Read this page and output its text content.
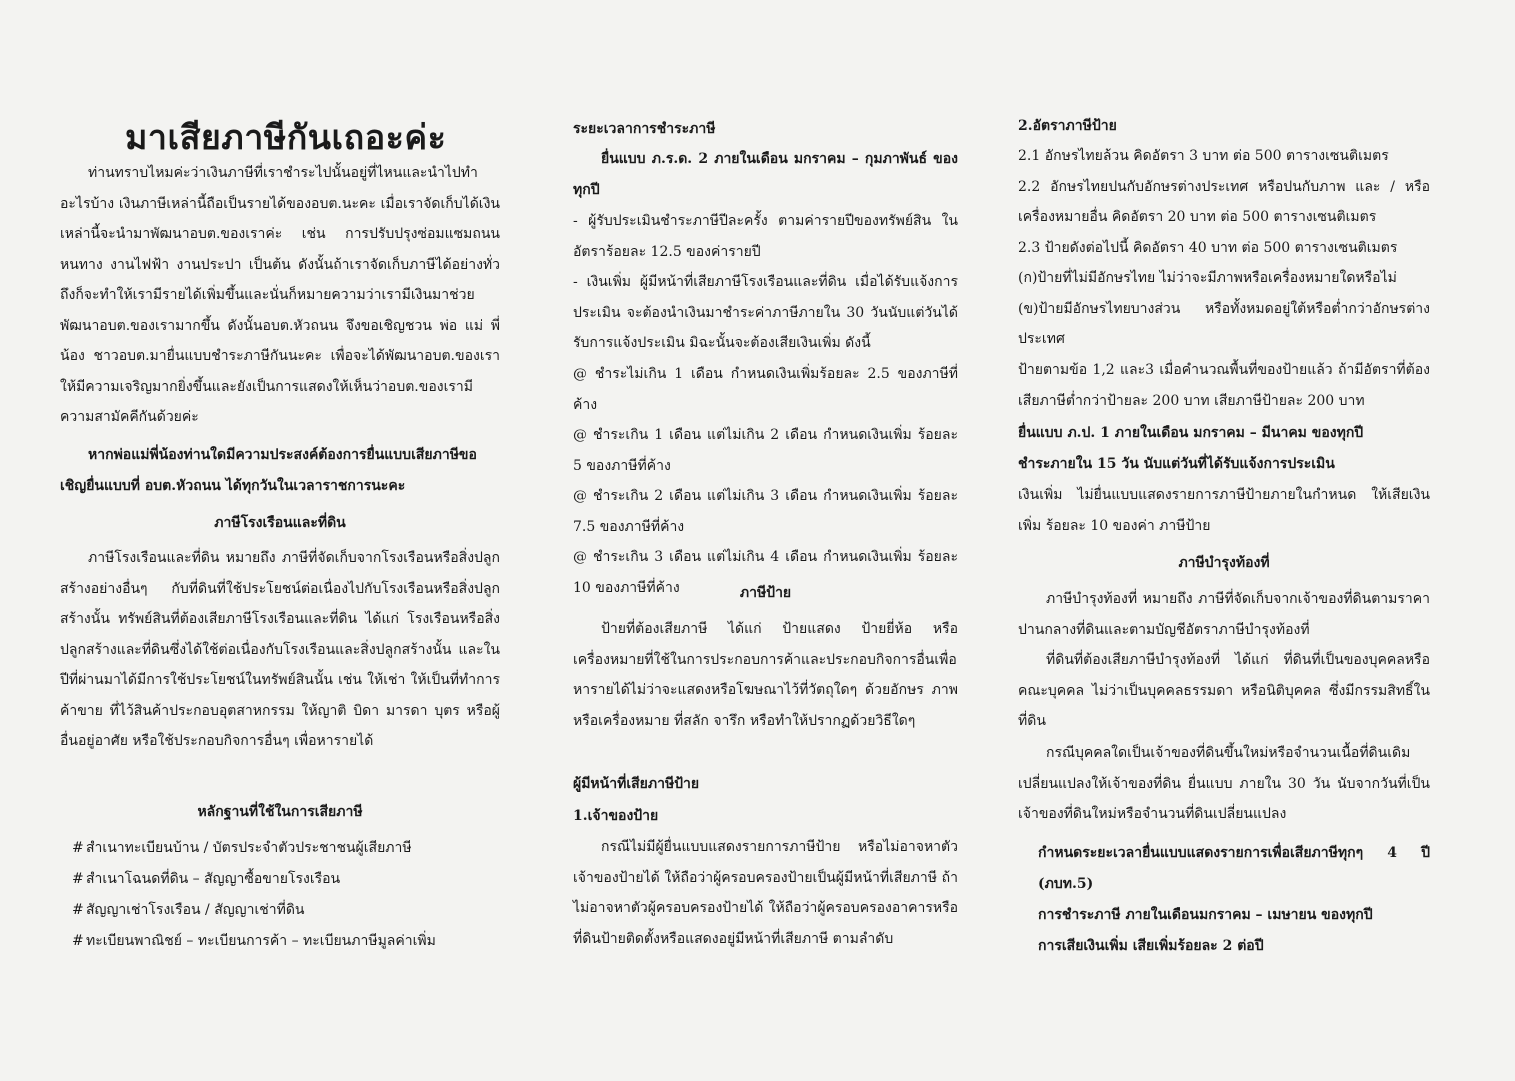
มาเสียภาษีกันเถอะค่ะ

ท่านทราบไหมค่ะว่าเงินภาษีที่เราชำระไปนั้นอยู่ที่ไหนและนำไปทำอะไรบ้าง เงินภาษีเหล่านี้ถือเป็นรายได้ของอบต.นะคะ เมื่อเราจัดเก็บได้เงินเหล่านี้จะนำมาพัฒนาอบต.ของเราค่ะ เช่น การปรับปรุงซ่อมแซมถนนหนทาง งานไฟฟ้า งานประปา เป็นต้น ดังนั้นถ้าเราจัดเก็บภาษีได้อย่างทั่วถึงก็จะทำให้เรามีรายได้เพิ่มขึ้นและนั่นก็หมายความว่าเรามีเงินมาช่วยพัฒนาอบต.ของเรามากขึ้น ดังนั้นอบต.หัวถนน จึงขอเชิญชวน พ่อ แม่ พี่ น้อง ชาวอบต.มายื่นแบบชำระภาษีกันนะคะ เพื่อจะได้พัฒนาอบต.ของเราให้มีความเจริญมากยิ่งขึ้นและยังเป็นการแสดงให้เห็นว่าอบต.ของเรามีความสามัคคีกันด้วยค่ะ

หากพ่อแม่พี่น้องท่านใดมีความประสงค์ต้องการยื่นแบบเสียภาษีขอเชิญยื่นแบบที่ อบต.หัวถนน ได้ทุกวันในเวลาราชการนะคะ

ภาษีโรงเรือนและที่ดิน

ภาษีโรงเรือนและที่ดิน หมายถึง ภาษีที่จัดเก็บจากโรงเรือนหรือสิ่งปลูกสร้างอย่างอื่นๆ กับที่ดินที่ใช้ประโยชน์ต่อเนื่องไปกับโรงเรือนหรือสิ่งปลูกสร้างนั้น ทรัพย์สินที่ต้องเสียภาษีโรงเรือนและที่ดิน ได้แก่ โรงเรือนหรือสิ่งปลูกสร้างและที่ดินซึ่งได้ใช้ต่อเนื่องกับโรงเรือนและสิ่งปลูกสร้างนั้น และในปีที่ผ่านมาได้มีการใช้ประโยชน์ในทรัพย์สินนั้น เช่น ให้เช่า ให้เป็นที่ทำการค้าขาย ที่ไว้สินค้าประกอบอุตสาหกรรม ให้ญาติ บิดา มารดา บุตร หรือผู้อื่นอยู่อาศัย หรือใช้ประกอบกิจการอื่นๆ เพื่อหารายได้

หลักฐานที่ใช้ในการเสียภาษี
# สำเนาทะเบียนบ้าน / บัตรประจำตัวประชาชนผู้เสียภาษี
# สำเนาโฉนดที่ดิน – สัญญาซื้อขายโรงเรือน
# สัญญาเช่าโรงเรือน / สัญญาเช่าที่ดิน
# ทะเบียนพาณิชย์ – ทะเบียนการค้า – ทะเบียนภาษีมูลค่าเพิ่ม
ระยะเวลาการชำระภาษี

ยื่นแบบ ภ.ร.ด. 2 ภายในเดือน มกราคม – กุมภาพันธ์ ของทุกปี

- ผู้รับประเมินชำระภาษีปีละครั้ง ตามค่ารายปีของทรัพย์สิน ในอัตราร้อยละ 12.5 ของค่ารายปี

- เงินเพิ่ม ผู้มีหน้าที่เสียภาษีโรงเรือนและที่ดิน เมื่อได้รับแจ้งการประเมิน จะต้องนำเงินมาชำระค่าภาษีภายใน 30 วันนับแต่วันได้รับการแจ้งประเมิน มิฉะนั้นจะต้องเสียเงินเพิ่ม ดังนี้

@ ชำระไม่เกิน 1 เดือน กำหนดเงินเพิ่มร้อยละ 2.5 ของภาษีที่ค้าง

@ ชำระเกิน 1 เดือน แต่ไม่เกิน 2 เดือน กำหนดเงินเพิ่ม ร้อยละ 5 ของภาษีที่ค้าง

@ ชำระเกิน 2 เดือน แต่ไม่เกิน 3 เดือน กำหนดเงินเพิ่ม ร้อยละ 7.5 ของภาษีที่ค้าง

@ ชำระเกิน 3 เดือน แต่ไม่เกิน 4 เดือน กำหนดเงินเพิ่ม ร้อยละ 10 ของภาษีที่ค้าง	ภาษีป้าย

ป้ายที่ต้องเสียภาษี ได้แก่ ป้ายแสดง ป้ายยี่ห้อ หรือเครื่องหมายที่ใช้ในการประกอบการค้าและประกอบกิจการอื่นเพื่อหารายได้ไม่ว่าจะแสดงหรือโฆษณาไว้ที่วัตถุใดๆ ด้วยอักษร ภาพหรือเครื่องหมาย ที่สลัก จารึก หรือทำให้ปรากฏด้วยวิธีใดๆ

ผู้มีหน้าที่เสียภาษีป้าย
1.เจ้าของป้าย

กรณีไม่มีผู้ยื่นแบบแสดงรายการภาษีป้าย หรือไม่อาจหาตัวเจ้าของป้ายได้ ให้ถือว่าผู้ครอบครองป้ายเป็นผู้มีหน้าที่เสียภาษี ถ้าไม่อาจหาตัวผู้ครอบครองป้ายได้ ให้ถือว่าผู้ครอบครองอาคารหรือที่ดินป้ายติดตั้งหรือแสดงอยู่มีหน้าที่เสียภาษี ตามลำดับ

2.อัตราภาษีป้าย

2.1 อักษรไทยล้วน คิดอัตรา 3 บาท ต่อ 500 ตารางเซนติเมตร

2.2 อักษรไทยปนกับอักษรต่างประเทศ หรือปนกับภาพ และ / หรือเครื่องหมายอื่น คิดอัตรา 20 บาท ต่อ 500 ตารางเซนติเมตร

2.3 ป้ายดังต่อไปนี้ คิดอัตรา 40 บาท ต่อ 500 ตารางเซนติเมตร

(ก)ป้ายที่ไม่มีอักษรไทย ไม่ว่าจะมีภาพหรือเครื่องหมายใดหรือไม่

(ข)ป้ายมีอักษรไทยบางส่วน หรือทั้งหมดอยู่ใต้หรือต่ำกว่าอักษรต่างประเทศ

ป้ายตามข้อ 1,2 และ3 เมื่อคำนวณพื้นที่ของป้ายแล้ว ถ้ามีอัตราที่ต้องเสียภาษีต่ำกว่าป้ายละ 200 บาท เสียภาษีป้ายละ 200 บาท

ยื่นแบบ ภ.ป. 1 ภายในเดือน มกราคม – มีนาคม ของทุกปี

ชำระภายใน 15 วัน นับแต่วันที่ได้รับแจ้งการประเมิน

เงินเพิ่ม ไม่ยื่นแบบแสดงรายการภาษีป้ายภายในกำหนด ให้เสียเงินเพิ่ม ร้อยละ 10 ของค่า ภาษีป้าย

ภาษีบำรุงท้องที่

ภาษีบำรุงท้องที่ หมายถึง ภาษีที่จัดเก็บจากเจ้าของที่ดินตามราคาปานกลางที่ดินและตามบัญชีอัตราภาษีบำรุงท้องที่

ที่ดินที่ต้องเสียภาษีบำรุงท้องที่ ได้แก่ ที่ดินที่เป็นของบุคคลหรือคณะบุคคล ไม่ว่าเป็นบุคคลธรรมดา หรือนิติบุคคล ซึ่งมีกรรมสิทธิ์ในที่ดิน

กรณีบุคคลใดเป็นเจ้าของที่ดินขึ้นใหม่หรือจำนวนเนื้อที่ดินเดิมเปลี่ยนแปลงให้เจ้าของที่ดิน ยื่นแบบ ภายใน 30 วัน นับจากวันที่เป็นเจ้าของที่ดินใหม่หรือจำนวนที่ดินเปลี่ยนแปลง

กำหนดระยะเวลายื่นแบบแสดงรายการเพื่อเสียภาษีทุกๆ 4 ปี (ภบท.5)

การชำระภาษี ภายในเดือนมกราคม – เมษายน ของทุกปี

การเสียเงินเพิ่ม เสียเพิ่มร้อยละ 2 ต่อปี
